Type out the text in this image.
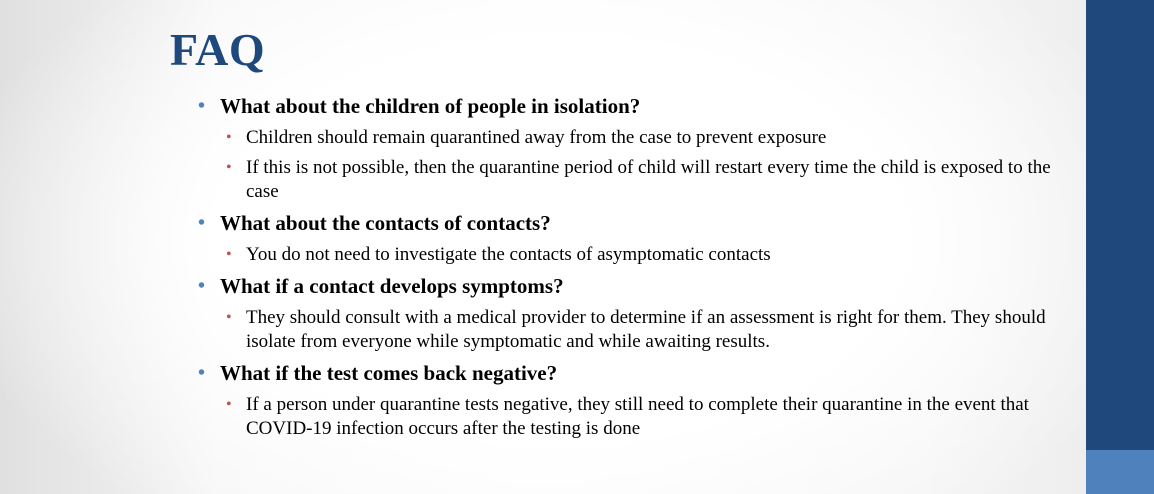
FAQ
• What about the children of people in isolation?
• Children should remain quarantined away from the case to prevent exposure
• If this is not possible, then the quarantine period of child will restart every time the child is exposed to the case
• What about the contacts of contacts?
• You do not need to investigate the contacts of asymptomatic contacts
• What if a contact develops symptoms?
• They should consult with a medical provider to determine if an assessment is right for them. They should isolate from everyone while symptomatic and while awaiting results.
• What if the test comes back negative?
• If a person under quarantine tests negative, they still need to complete their quarantine in the event that COVID-19 infection occurs after the testing is done
